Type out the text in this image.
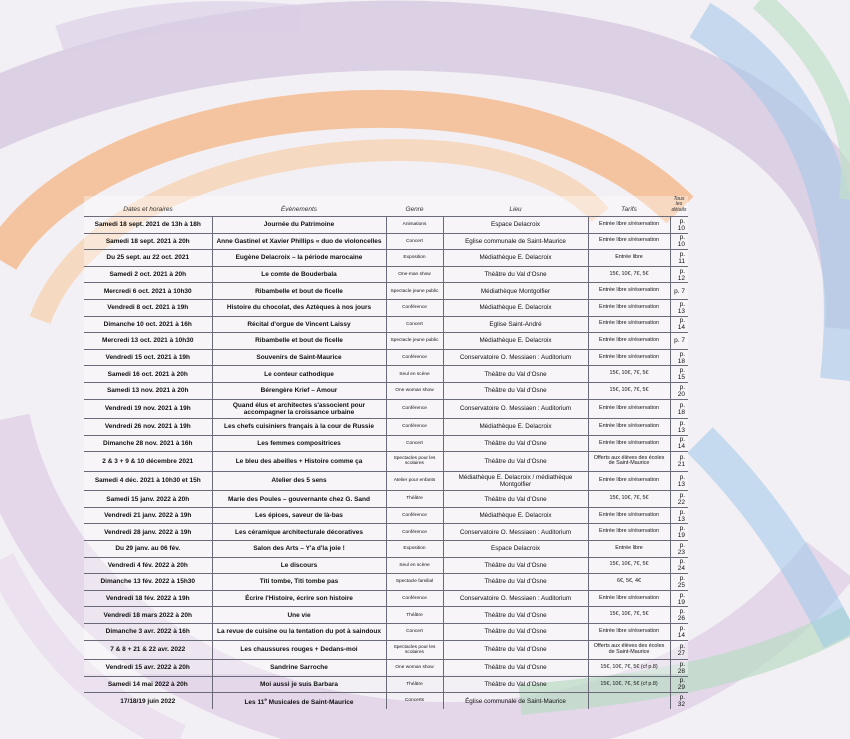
Dates et horaires	Évènements	Genre	Lieu	Tarifs	Tous les détails
Samedi 18 sept. 2021 de 13h à 18h	Journée du Patrimoine	Animations	Espace Delacroix	Entrée libre s/réservation	p. 10
Samedi 18 sept. 2021 à 20h	Anne Gastinel et Xavier Phillips « duo de violoncelles	Concert	Eglise communale de Saint-Maurice	Entrée libre s/réservation	p. 10
Du 25 sept. au 22 oct. 2021	Eugène Delacroix – la période marocaine	Exposition	Médiathèque E. Delacroix	Entrée libre	p. 11
Samedi 2 oct. 2021 à 20h	Le comte de Bouderbala	One-man show	Théâtre du Val d'Osne	15€, 10€, 7€, 5€	p. 12
Mercredi 6 oct. 2021 à 10h30	Ribambelle et bout de ficelle	Spectacle jeune public	Médiathèque Montgolfier	Entrée libre s/réservation	p. 7
Vendredi 8 oct. 2021 à 19h	Histoire du chocolat, des Aztèques à nos jours	Conférence	Médiathèque E. Delacroix	Entrée libre s/réservation	p. 13
Dimanche 10 oct. 2021 à 16h	Récital d'orgue de Vincent Laissy	Concert	Eglise Saint-André	Entrée libre s/réservation	p. 14
Mercredi 13 oct. 2021 à 10h30	Ribambelle et bout de ficelle	Spectacle jeune public	Médiathèque E. Delacroix	Entrée libre s/réservation	p. 7
Vendredi 15 oct. 2021 à 19h	Souvenirs de Saint-Maurice	Conférence	Conservatoire O. Messiaen : Auditorium	Entrée libre s/réservation	p. 18
Samedi 16 oct. 2021 à 20h	Le conteur cathodique	Seul en scène	Théâtre du Val d'Osne	15€, 10€, 7€, 5€	p. 15
Samedi 13 nov. 2021 à 20h	Bérengère Krief – Amour	One woman show	Théâtre du Val d'Osne	15€, 10€, 7€, 5€	p. 20
Vendredi 19 nov. 2021 à 19h	Quand élus et architectes s'associent pour accompagner la croissance urbaine	Conférence	Conservatoire O. Messiaen : Auditorium	Entrée libre s/réservation	p. 18
Vendredi 26 nov. 2021 à 19h	Les chefs cuisiniers français à la cour de Russie	Conférence	Médiathèque E. Delacroix	Entrée libre s/réservation	p. 13
Dimanche 28 nov. 2021 à 16h	Les femmes compositrices	Concert	Théâtre du Val d'Osne	Entrée libre s/réservation	p. 14
2 & 3 + 9 & 10 décembre 2021	Le bleu des abeilles + Histoire comme ça	Spectacles pour les scolaires	Théâtre du Val d'Osne	Offerts aux élèves des écoles de Saint-Maurice	p. 21
Samedi 4 déc. 2021 à 10h30 et 15h	Atelier des 5 sens	Atelier pour enfants	Médiathèque E. Delacroix / médiathèque Montgolfier	Entrée libre s/réservation	p. 13
Samedi 15 janv. 2022 à 20h	Marie des Poules – gouvernante chez G. Sand	Théâtre	Théâtre du Val d'Osne	15€, 10€, 7€, 5€	p. 22
Vendredi 21 janv. 2022 à 19h	Les épices, saveur de là-bas	Conférence	Médiathèque E. Delacroix	Entrée libre s/réservation	p. 13
Vendredi 28 janv. 2022 à 19h	Les céramique architecturale décoratives	Conférence	Conservatoire O. Messiaen : Auditorium	Entrée libre s/réservation	p. 19
Du 29 janv. au 06 fév.	Salon des Arts – Y'a d'la joie !	Exposition	Espace Delacroix	Entrée libre	p. 23
Vendredi 4 fév. 2022 à 20h	Le discours	Seul en scène	Théâtre du Val d'Osne	15€, 10€, 7€, 5€	p. 24
Dimanche 13 fév. 2022 à 15h30	Titi tombe, Titi tombe pas	Spectacle familial	Théâtre du Val d'Osne	6€, 5€, 4€	p. 25
Vendredi 18 fév. 2022 à 19h	Écrire l'Histoire, écrire son histoire	Conférence	Conservatoire O. Messiaen : Auditorium	Entrée libre s/réservation	p. 19
Vendredi 18 mars 2022 à 20h	Une vie	Théâtre	Théâtre du Val d'Osne	15€, 10€, 7€, 5€	p. 26
Dimanche 3 avr. 2022 à 16h	La revue de cuisine ou la tentation du pot à saindoux	Concert	Théâtre du Val d'Osne	Entrée libre s/réservation	p. 14
7 & 8 + 21 & 22 avr. 2022	Les chaussures rouges + Dedans-moi	Spectacles pour les scolaires	Théâtre du Val d'Osne	Offerts aux élèves des écoles de Saint-Maurice	p. 27
Vendredi 15 avr. 2022 à 20h	Sandrine Sarroche	One woman show	Théâtre du Val d'Osne	15€, 10€, 7€, 5€ (cf p.8)	p. 28
Samedi 14 mai 2022 à 20h	Moi aussi je suis Barbara	Théâtre	Théâtre du Val d'Osne	15€, 10€, 7€, 5€ (cf p.8)	p. 29
17/18/19 juin 2022	Les 11e Musicales de Saint-Maurice	Concerts	Église communale de Saint-Maurice		p. 32
